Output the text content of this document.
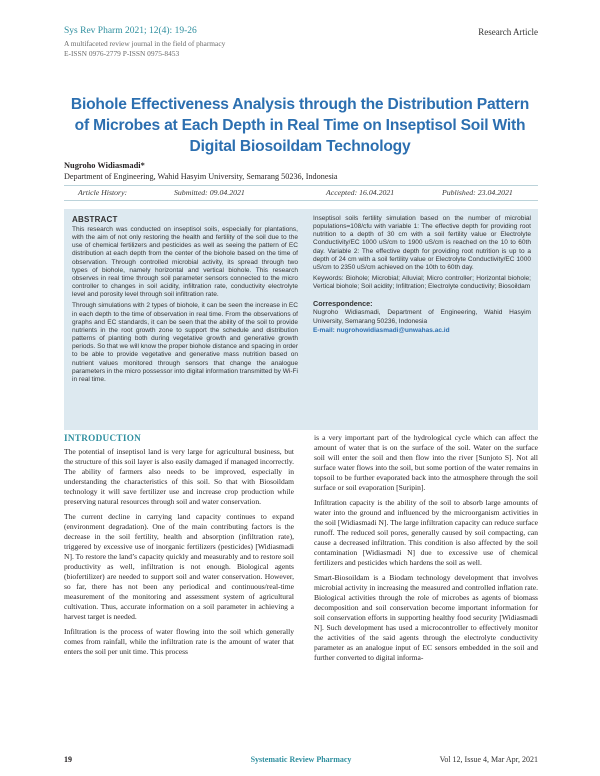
Sys Rev Pharm 2021; 12(4): 19-26
A multifaceted review journal in the field of pharmacy
E-ISSN 0976-2779 P-ISSN 0975-8453
Research Article
Biohole Effectiveness Analysis through the Distribution Pattern of Microbes at Each Depth in Real Time on Inseptisol Soil With Digital Biosoildam Technology
Nugroho Widiasmadi*
Department of Engineering, Wahid Hasyim University, Semarang 50236, Indonesia
Article History:	Submitted: 09.04.2021	Accepted: 16.04.2021	Published: 23.04.2021
ABSTRACT

This research was conducted on inseptisol soils, especially for plantations, with the aim of not only restoring the health and fertility of the soil due to the use of chemical fertilizers and pesticides as well as seeing the pattern of EC distribution at each depth from the center of the biohole based on the time of observation. Through controlled microbial activity, its spread through two types of biohole, namely horizontal and vertical biohole. This research observes in real time through soil parameter sensors connected to the micro controller to changes in soil acidity, infiltration rate, conductivity electrolyte level and porosity level through soil infiltration rate.

Through simulations with 2 types of biohole, it can be seen the increase in EC in each depth to the time of observation in real time. From the observations of graphs and EC standards, it can be seen that the ability of the soil to provide nutrients in the root growth zone to support the schedule and distribution patterns of planting both during vegetative growth and generative growth periods. So that we will know the proper biohole distance and spacing in order to be able to provide vegetative and generative mass nutrition based on nutrient values monitored through sensors that change the analogue parameters in the micro possessor into digital information transmitted by Wi-Fi in real time.

Inseptisol soils fertility simulation based on the number of microbial populations=108/cfu with variable 1: The effective depth for providing root nutrition to a depth of 30 cm with a soil fertility value or Electrolyte Conductivity/EC 1000 uS/cm to 1900 uS/cm is reached on the 10 to 60th day. Variable 2: The effective depth for providing root nutrition is up to a depth of 24 cm with a soil fertility value or Electrolyte Conductivity/EC 1000 uS/cm to 2350 uS/cm achieved on the 10th to 60th day.

Keywords: Biohole; Microbial; Alluvial; Micro controller; Horizontal biohole; Vertical biohole; Soil acidity; Infiltration; Electrolyte conductivity; Biosoildam

Correspondence:

Nugroho Widiasmadi, Department of Engineering, Wahid Hasyim University, Semarang 50236, Indonesia

E-mail: nugrohowidiasmadi@unwahas.ac.id

INTRODUCTION

The potential of inseptisol land is very large for agricultural business, but the structure of this soil layer is also easily damaged if managed incorrectly. The ability of farmers also needs to be improved, especially in understanding the characteristics of this soil. So that with Biosoildam technology it will save fertilizer use and increase crop production while preserving natural resources through soil and water conservation.

The current decline in carrying land capacity continues to expand (environment degradation). One of the main contributing factors is the decrease in the soil fertility, health and absorption (infiltration rate), triggered by excessive use of inorganic fertilizers (pesticides) [Widiasmadi N]. To restore the land’s capacity quickly and measurably and to restore soil productivity as well, infiltration is not enough. Biological agents (biofertilizer) are needed to support soil and water conservation. However, so far, there has not been any periodical and continuous/real-time measurement of the monitoring and assessment system of agricultural cultivation. Thus, accurate information on a soil parameter in achieving a harvest target is needed.

Infiltration is the process of water flowing into the soil which generally comes from rainfall, while the infiltration rate is the amount of water that enters the soil per unit time. This process

is a very important part of the hydrological cycle which can affect the amount of water that is on the surface of the soil. Water on the surface soil will enter the soil and then flow into the river [Sunjoto S]. Not all surface water flows into the soil, but some portion of the water remains in topsoil to be further evaporated back into the atmosphere through the soil surface or soil evaporation [Suripin].

Infiltration capacity is the ability of the soil to absorb large amounts of water into the ground and influenced by the microorganism activities in the soil [Widiasmadi N]. The large infiltration capacity can reduce surface runoff. The reduced soil pores, generally caused by soil compacting, can cause a decreased infiltration. This condition is also affected by the soil contamination [Widiasmadi N] due to excessive use of chemical fertilizers and pesticides which hardens the soil as well.

Smart-Biosoildam is a Biodam technology development that involves microbial activity in increasing the measured and controlled inflation rate. Biological activities through the role of microbes as agents of biomass decomposition and soil conservation become important information for soil conservation efforts in supporting healthy food security [Widiasmadi N]. Such development has used a microcontroller to effectively monitor the activities of the said agents through the electrolyte conductivity parameter as an analogue input of EC sensors embedded in the soil and further converted to digital informa-

Systematic Review Pharmacy
19	Vol 12, Issue 4, Mar Apr, 2021
